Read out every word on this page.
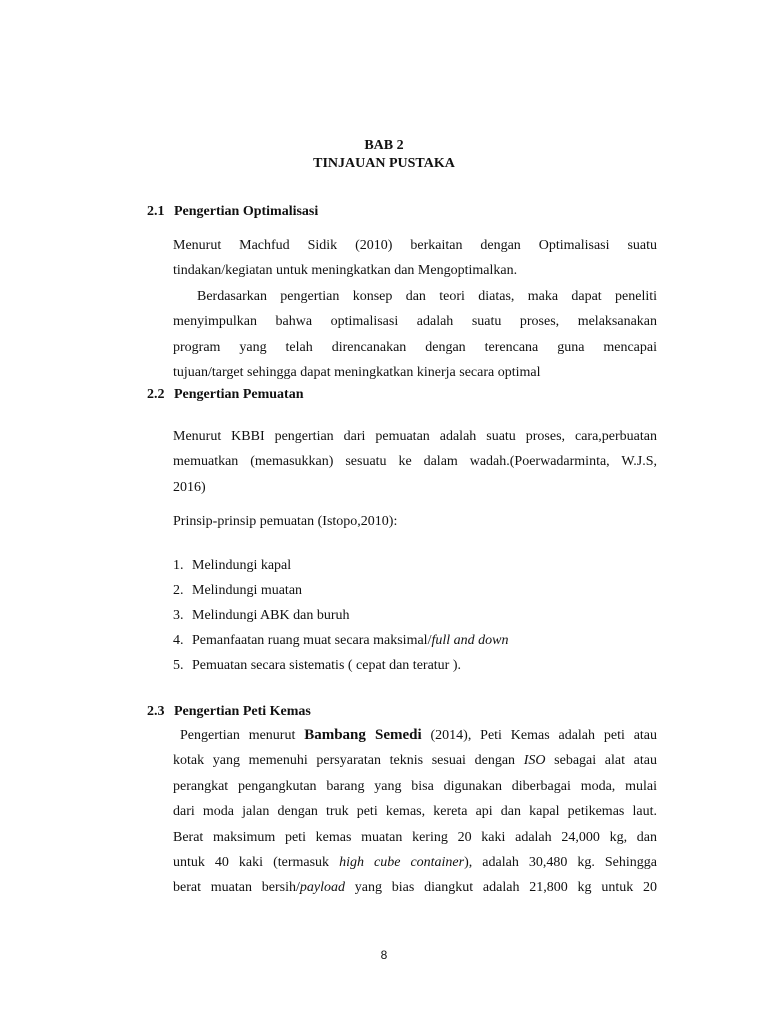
BAB 2
TINJAUAN PUSTAKA
2.1 Pengertian Optimalisasi
Menurut Machfud Sidik (2010) berkaitan dengan Optimalisasi suatu
tindakan/kegiatan untuk meningkatkan dan Mengoptimalkan.
Berdasarkan pengertian konsep dan teori diatas, maka dapat peneliti
menyimpulkan bahwa optimalisasi adalah suatu proses, melaksanakan
program yang telah direncanakan dengan terencana guna mencapai
tujuan/target sehingga dapat meningkatkan kinerja secara optimal
2.2 Pengertian Pemuatan
Menurut KBBI pengertian dari pemuatan adalah suatu proses, cara,perbuatan
memuatkan (memasukkan) sesuatu ke dalam wadah.(Poerwadarminta, W.J.S,
2016)
Prinsip-prinsip pemuatan (Istopo,2010):
1. Melindungi kapal
2. Melindungi muatan
3. Melindungi ABK dan buruh
4. Pemanfaatan ruang muat secara maksimal/full and down
5. Pemuatan secara sistematis ( cepat dan teratur ).
2.3 Pengertian Peti Kemas
Pengertian menurut Bambang Semedi (2014), Peti Kemas adalah peti atau
kotak yang memenuhi persyaratan teknis sesuai dengan ISO sebagai alat atau
perangkat pengangkutan barang yang bisa digunakan diberbagai moda, mulai
dari moda jalan dengan truk peti kemas, kereta api dan kapal petikemas laut.
Berat maksimum peti kemas muatan kering 20 kaki adalah 24,000 kg, dan
untuk 40 kaki (termasuk high cube container), adalah 30,480 kg. Sehingga
berat muatan bersih/payload yang bias diangkut adalah 21,800 kg untuk 20
8
